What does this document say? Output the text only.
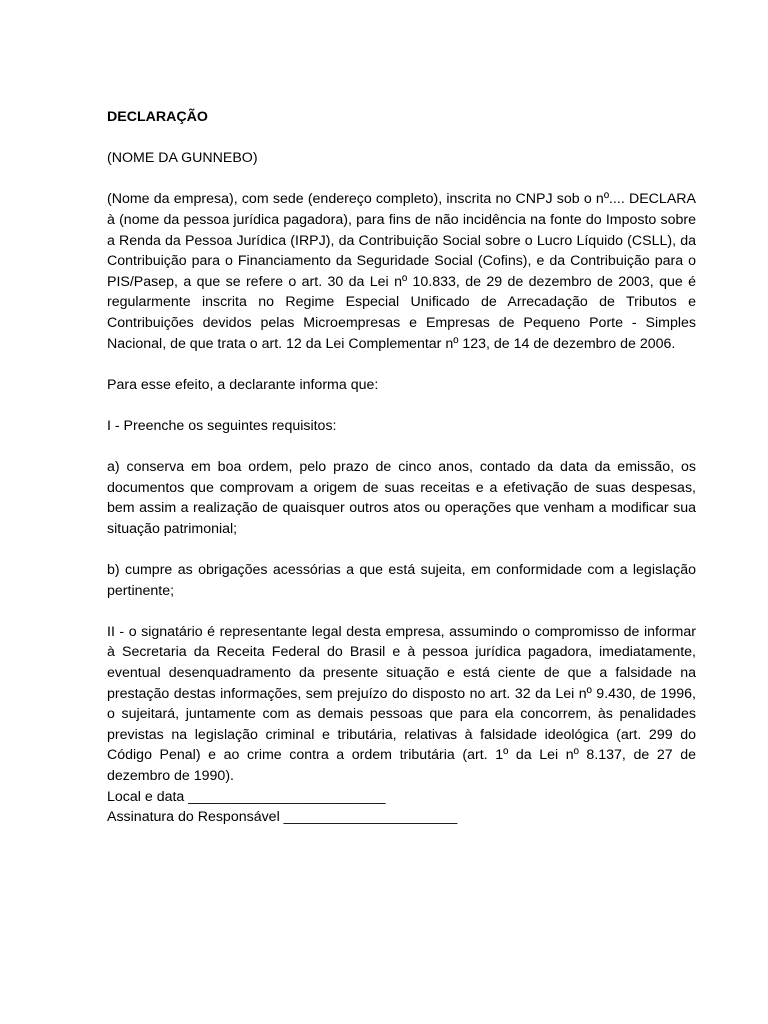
DECLARAÇÃO

(NOME DA GUNNEBO)

(Nome da empresa), com sede (endereço completo), inscrita no CNPJ sob o nº.... DECLARA à (nome da pessoa jurídica pagadora), para fins de não incidência na fonte do Imposto sobre a Renda da Pessoa Jurídica (IRPJ), da Contribuição Social sobre o Lucro Líquido (CSLL), da Contribuição para o Financiamento da Seguridade Social (Cofins), e da Contribuição para o PIS/Pasep, a que se refere o art. 30 da Lei nº 10.833, de 29 de dezembro de 2003, que é regularmente inscrita no Regime Especial Unificado de Arrecadação de Tributos e Contribuições devidos pelas Microempresas e Empresas de Pequeno Porte - Simples Nacional, de que trata o art. 12 da Lei Complementar nº 123, de 14 de dezembro de 2006.

Para esse efeito, a declarante informa que:

I - Preenche os seguintes requisitos:

a) conserva em boa ordem, pelo prazo de cinco anos, contado da data da emissão, os documentos que comprovam a origem de suas receitas e a efetivação de suas despesas, bem assim a realização de quaisquer outros atos ou operações que venham a modificar sua situação patrimonial;

b) cumpre as obrigações acessórias a que está sujeita, em conformidade com a legislação pertinente;

II - o signatário é representante legal desta empresa, assumindo o compromisso de informar à Secretaria da Receita Federal do Brasil e à pessoa jurídica pagadora, imediatamente, eventual desenquadramento da presente situação e está ciente de que a falsidade na prestação destas informações, sem prejuízo do disposto no art. 32 da Lei nº 9.430, de 1996, o sujeitará, juntamente com as demais pessoas que para ela concorrem, às penalidades previstas na legislação criminal e tributária, relativas à falsidade ideológica (art. 299 do Código Penal) e ao crime contra a ordem tributária (art. 1º da Lei nº 8.137, de 27 de dezembro de 1990).

Local e data _________________________

Assinatura do Responsável ______________________
